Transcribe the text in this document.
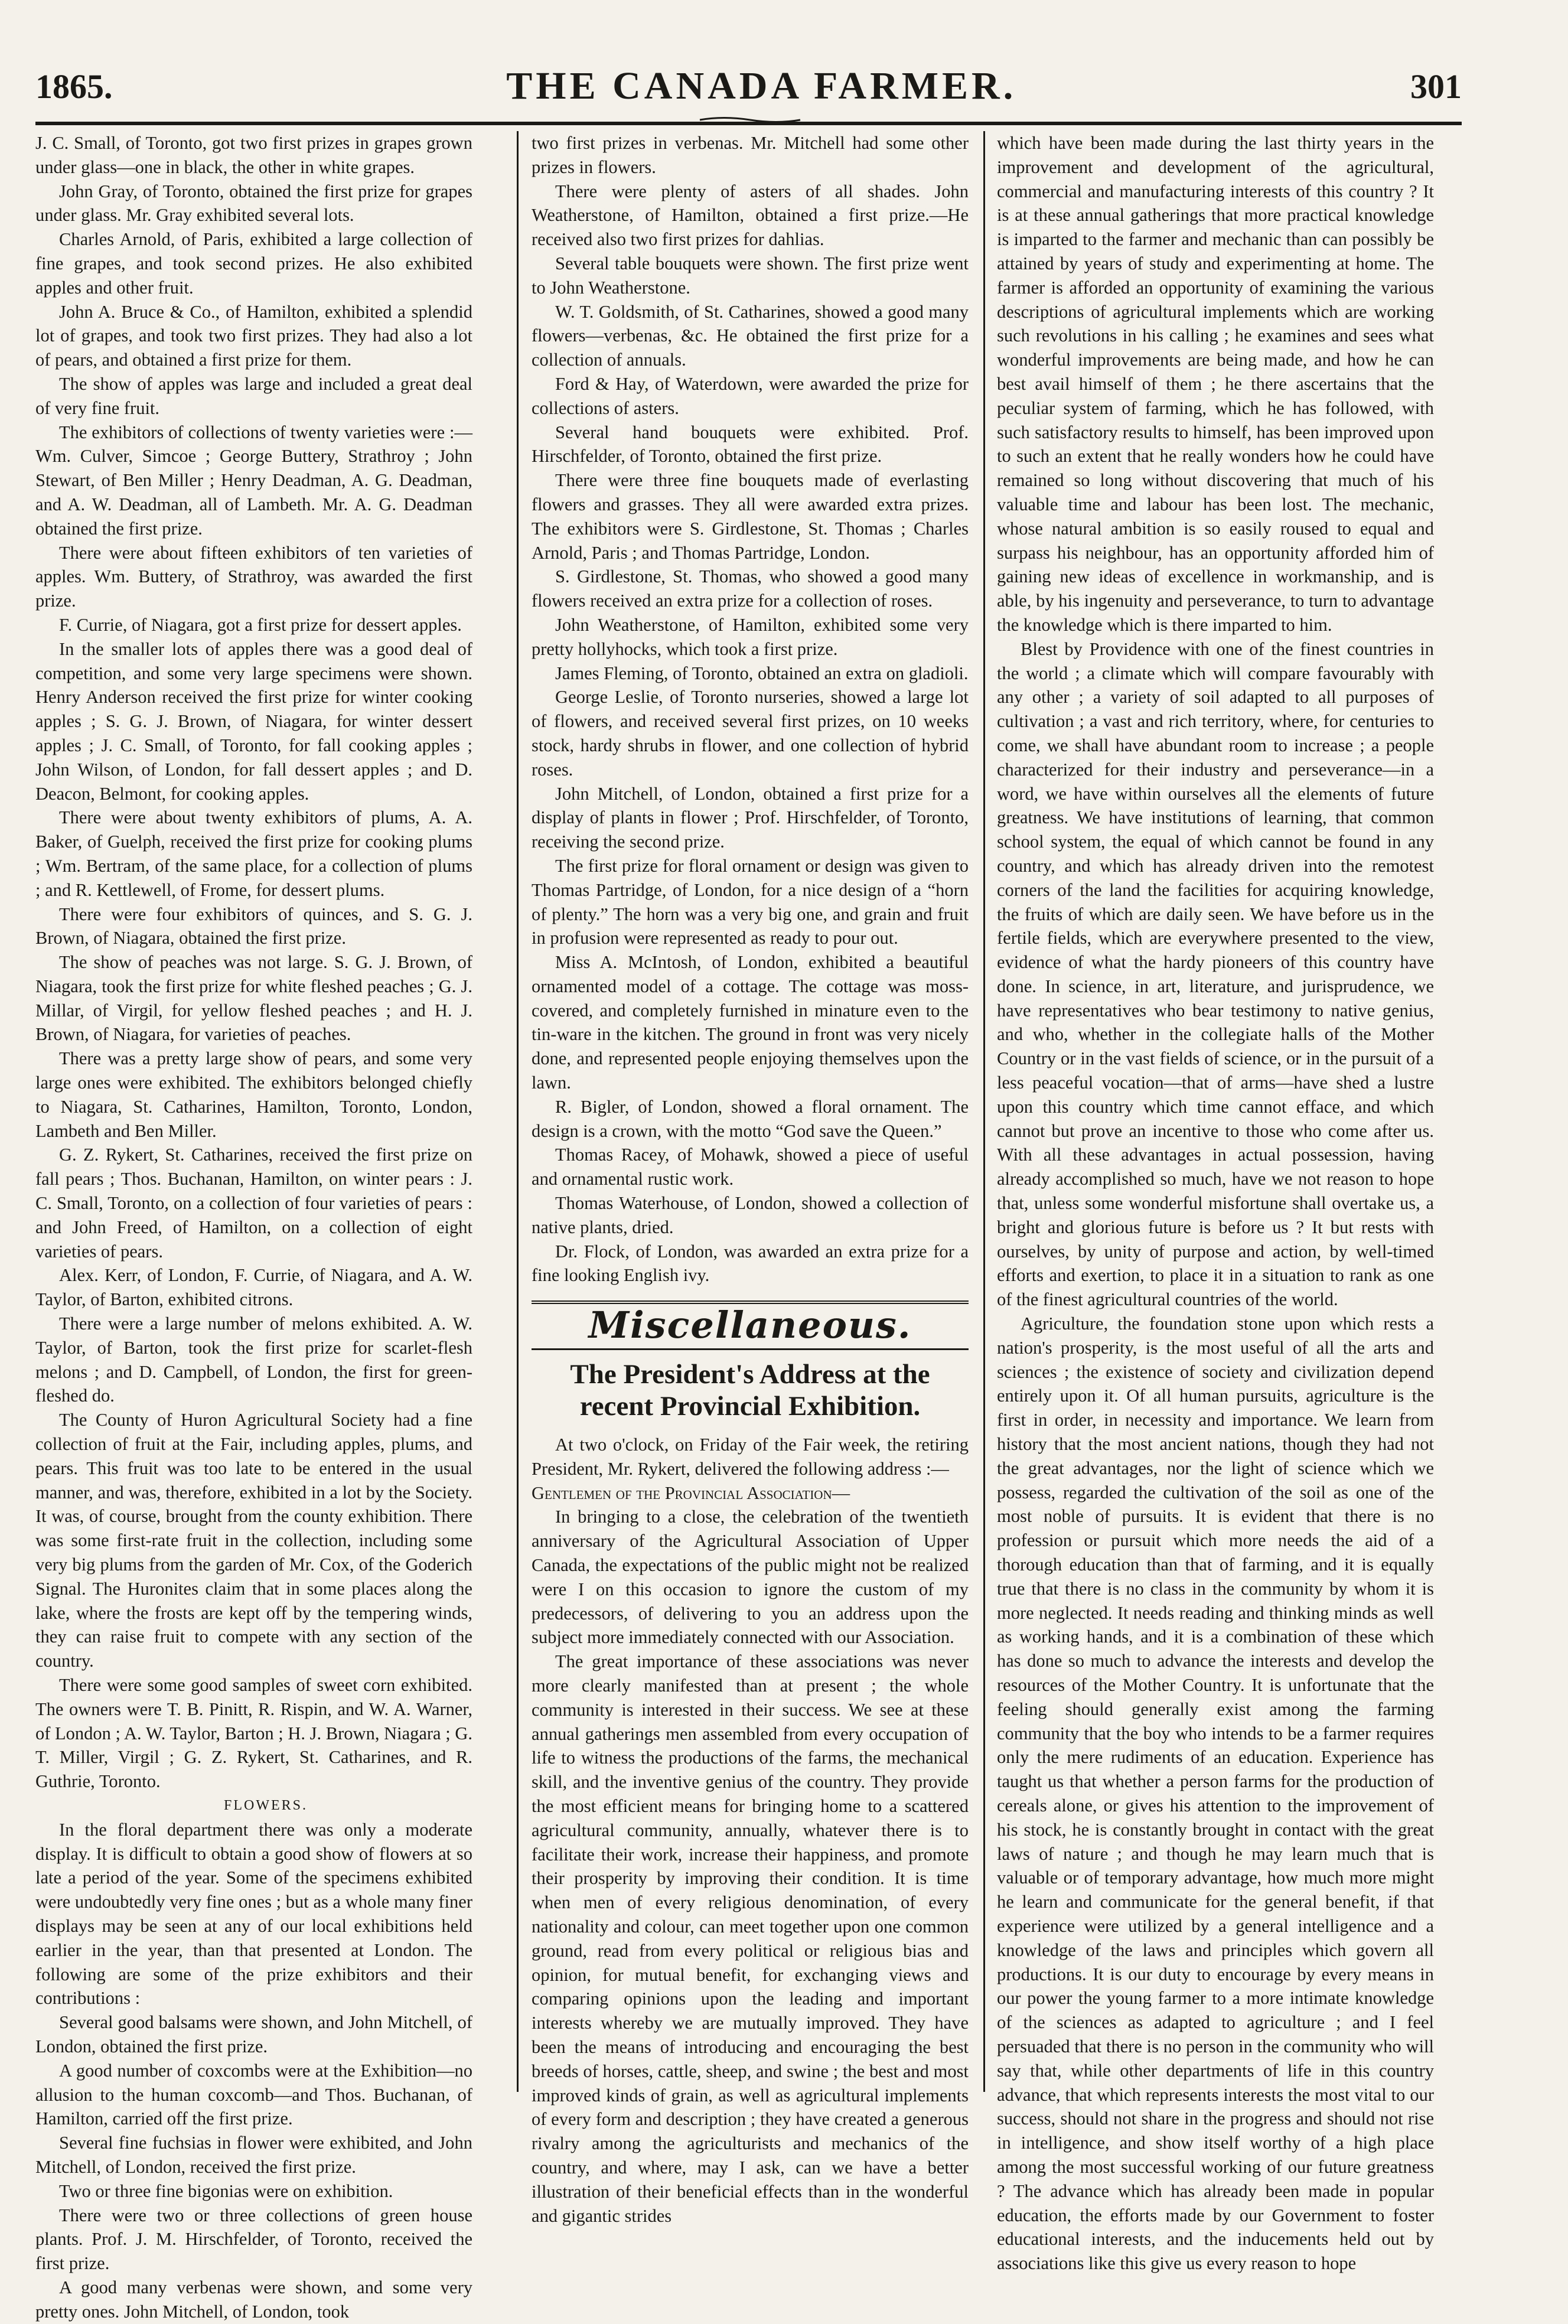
1865.	THE CANADA FARMER.	301

J. C. Small, of Toronto, got two first prizes in grapes grown under glass—one in black, the other in white grapes.

John Gray, of Toronto, obtained the first prize for grapes under glass. Mr. Gray exhibited several lots.

Charles Arnold, of Paris, exhibited a large collection of fine grapes, and took second prizes. He also exhibited apples and other fruit.

John A. Bruce & Co., of Hamilton, exhibited a splendid lot of grapes, and took two first prizes. They had also a lot of pears, and obtained a first prize for them.

The show of apples was large and included a great deal of very fine fruit.

The exhibitors of collections of twenty varieties were :—Wm. Culver, Simcoe ; George Buttery, Strathroy ; John Stewart, of Ben Miller ; Henry Deadman, A. G. Deadman, and A. W. Deadman, all of Lambeth. Mr. A. G. Deadman obtained the first prize.

There were about fifteen exhibitors of ten varieties of apples. Wm. Buttery, of Strathroy, was awarded the first prize.

F. Currie, of Niagara, got a first prize for dessert apples.

In the smaller lots of apples there was a good deal of competition, and some very large specimens were shown. Henry Anderson received the first prize for winter cooking apples ; S. G. J. Brown, of Niagara, for winter dessert apples ; J. C. Small, of Toronto, for fall cooking apples ; John Wilson, of London, for fall dessert apples ; and D. Deacon, Belmont, for cooking apples.

There were about twenty exhibitors of plums, A. A. Baker, of Guelph, received the first prize for cooking plums ; Wm. Bertram, of the same place, for a collection of plums ; and R. Kettlewell, of Frome, for dessert plums.

There were four exhibitors of quinces, and S. G. J. Brown, of Niagara, obtained the first prize.

The show of peaches was not large. S. G. J. Brown, of Niagara, took the first prize for white fleshed peaches ; G. J. Millar, of Virgil, for yellow fleshed peaches ; and H. J. Brown, of Niagara, for varieties of peaches.

There was a pretty large show of pears, and some very large ones were exhibited. The exhibitors belonged chiefly to Niagara, St. Catharines, Hamilton, Toronto, London, Lambeth and Ben Miller.

G. Z. Rykert, St. Catharines, received the first prize on fall pears ; Thos. Buchanan, Hamilton, on winter pears : J. C. Small, Toronto, on a collection of four varieties of pears : and John Freed, of Hamilton, on a collection of eight varieties of pears.

Alex. Kerr, of London, F. Currie, of Niagara, and A. W. Taylor, of Barton, exhibited citrons.

There were a large number of melons exhibited. A. W. Taylor, of Barton, took the first prize for scarlet-flesh melons ; and D. Campbell, of London, the first for green-fleshed do.

The County of Huron Agricultural Society had a fine collection of fruit at the Fair, including apples, plums, and pears. This fruit was too late to be entered in the usual manner, and was, therefore, exhibited in a lot by the Society. It was, of course, brought from the county exhibition. There was some first-rate fruit in the collection, including some very big plums from the garden of Mr. Cox, of the Goderich Signal. The Huronites claim that in some places along the lake, where the frosts are kept off by the tempering winds, they can raise fruit to compete with any section of the country.

There were some good samples of sweet corn exhibited. The owners were T. B. Pinitt, R. Rispin, and W. A. Warner, of London ; A. W. Taylor, Barton ; H. J. Brown, Niagara ; G. T. Miller, Virgil ; G. Z. Rykert, St. Catharines, and R. Guthrie, Toronto.

FLOWERS.

In the floral department there was only a moderate display. It is difficult to obtain a good show of flowers at so late a period of the year. Some of the specimens exhibited were undoubtedly very fine ones ; but as a whole many finer displays may be seen at any of our local exhibitions held earlier in the year, than that presented at London. The following are some of the prize exhibitors and their contributions :

Several good balsams were shown, and John Mitchell, of London, obtained the first prize.

A good number of coxcombs were at the Exhibition—no allusion to the human coxcomb—and Thos. Buchanan, of Hamilton, carried off the first prize.

Several fine fuchsias in flower were exhibited, and John Mitchell, of London, received the first prize.

Two or three fine bigonias were on exhibition.

There were two or three collections of green house plants. Prof. J. M. Hirschfelder, of Toronto, received the first prize.

A good many verbenas were shown, and some very pretty ones. John Mitchell, of London, took

two first prizes in verbenas. Mr. Mitchell had some other prizes in flowers.

There were plenty of asters of all shades. John Weatherstone, of Hamilton, obtained a first prize.—He received also two first prizes for dahlias.

Several table bouquets were shown. The first prize went to John Weatherstone.

W. T. Goldsmith, of St. Catharines, showed a good many flowers—verbenas, &c. He obtained the first prize for a collection of annuals.

Ford & Hay, of Waterdown, were awarded the prize for collections of asters.

Several hand bouquets were exhibited. Prof. Hirschfelder, of Toronto, obtained the first prize.

There were three fine bouquets made of everlasting flowers and grasses. They all were awarded extra prizes. The exhibitors were S. Girdlestone, St. Thomas ; Charles Arnold, Paris ; and Thomas Partridge, London.

S. Girdlestone, St. Thomas, who showed a good many flowers received an extra prize for a collection of roses.

John Weatherstone, of Hamilton, exhibited some very pretty hollyhocks, which took a first prize.

James Fleming, of Toronto, obtained an extra on gladioli.

George Leslie, of Toronto nurseries, showed a large lot of flowers, and received several first prizes, on 10 weeks stock, hardy shrubs in flower, and one collection of hybrid roses.

John Mitchell, of London, obtained a first prize for a display of plants in flower ; Prof. Hirschfelder, of Toronto, receiving the second prize.

The first prize for floral ornament or design was given to Thomas Partridge, of London, for a nice design of a “horn of plenty.” The horn was a very big one, and grain and fruit in profusion were represented as ready to pour out.

Miss A. McIntosh, of London, exhibited a beautiful ornamented model of a cottage. The cottage was moss-covered, and completely furnished in minature even to the tin-ware in the kitchen. The ground in front was very nicely done, and represented people enjoying themselves upon the lawn.

R. Bigler, of London, showed a floral ornament. The design is a crown, with the motto “God save the Queen.”

Thomas Racey, of Mohawk, showed a piece of useful and ornamental rustic work.

Thomas Waterhouse, of London, showed a collection of native plants, dried.

Dr. Flock, of London, was awarded an extra prize for a fine looking English ivy.

Miscellaneous.
The President's Address at the recent Provincial Exhibition.

At two o'clock, on Friday of the Fair week, the retiring President, Mr. Rykert, delivered the following address :—

Gentlemen of the Provincial Association—

In bringing to a close, the celebration of the twentieth anniversary of the Agricultural Association of Upper Canada, the expectations of the public might not be realized were I on this occasion to ignore the custom of my predecessors, of delivering to you an address upon the subject more immediately connected with our Association.

The great importance of these associations was never more clearly manifested than at present ; the whole community is interested in their success. We see at these annual gatherings men assembled from every occupation of life to witness the productions of the farms, the mechanical skill, and the inventive genius of the country. They provide the most efficient means for bringing home to a scattered agricultural community, annually, whatever there is to facilitate their work, increase their happiness, and promote their prosperity by improving their condition. It is time when men of every religious denomination, of every nationality and colour, can meet together upon one common ground, read from every political or religious bias and opinion, for mutual benefit, for exchanging views and comparing opinions upon the leading and important interests whereby we are mutually improved. They have been the means of introducing and encouraging the best breeds of horses, cattle, sheep, and swine ; the best and most improved kinds of grain, as well as agricultural implements of every form and description ; they have created a generous rivalry among the agriculturists and mechanics of the country, and where, may I ask, can we have a better illustration of their beneficial effects than in the wonderful and gigantic strides

which have been made during the last thirty years in the improvement and development of the agricultural, commercial and manufacturing interests of this country ? It is at these annual gatherings that more practical knowledge is imparted to the farmer and mechanic than can possibly be attained by years of study and experimenting at home. The farmer is afforded an opportunity of examining the various descriptions of agricultural implements which are working such revolutions in his calling ; he examines and sees what wonderful improvements are being made, and how he can best avail himself of them ; he there ascertains that the peculiar system of farming, which he has followed, with such satisfactory results to himself, has been improved upon to such an extent that he really wonders how he could have remained so long without discovering that much of his valuable time and labour has been lost. The mechanic, whose natural ambition is so easily roused to equal and surpass his neighbour, has an opportunity afforded him of gaining new ideas of excellence in workmanship, and is able, by his ingenuity and perseverance, to turn to advantage the knowledge which is there imparted to him.

Blest by Providence with one of the finest countries in the world ; a climate which will compare favourably with any other ; a variety of soil adapted to all purposes of cultivation ; a vast and rich territory, where, for centuries to come, we shall have abundant room to increase ; a people characterized for their industry and perseverance—in a word, we have within ourselves all the elements of future greatness. We have institutions of learning, that common school system, the equal of which cannot be found in any country, and which has already driven into the remotest corners of the land the facilities for acquiring knowledge, the fruits of which are daily seen. We have before us in the fertile fields, which are everywhere presented to the view, evidence of what the hardy pioneers of this country have done. In science, in art, literature, and jurisprudence, we have representatives who bear testimony to native genius, and who, whether in the collegiate halls of the Mother Country or in the vast fields of science, or in the pursuit of a less peaceful vocation—that of arms—have shed a lustre upon this country which time cannot efface, and which cannot but prove an incentive to those who come after us. With all these advantages in actual possession, having already accomplished so much, have we not reason to hope that, unless some wonderful misfortune shall overtake us, a bright and glorious future is before us ? It but rests with ourselves, by unity of purpose and action, by well-timed efforts and exertion, to place it in a situation to rank as one of the finest agricultural countries of the world.

Agriculture, the foundation stone upon which rests a nation's prosperity, is the most useful of all the arts and sciences ; the existence of society and civilization depend entirely upon it. Of all human pursuits, agriculture is the first in order, in necessity and importance. We learn from history that the most ancient nations, though they had not the great advantages, nor the light of science which we possess, regarded the cultivation of the soil as one of the most noble of pursuits. It is evident that there is no profession or pursuit which more needs the aid of a thorough education than that of farming, and it is equally true that there is no class in the community by whom it is more neglected. It needs reading and thinking minds as well as working hands, and it is a combination of these which has done so much to advance the interests and develop the resources of the Mother Country. It is unfortunate that the feeling should generally exist among the farming community that the boy who intends to be a farmer requires only the mere rudiments of an education. Experience has taught us that whether a person farms for the production of cereals alone, or gives his attention to the improvement of his stock, he is constantly brought in contact with the great laws of nature ; and though he may learn much that is valuable or of temporary advantage, how much more might he learn and communicate for the general benefit, if that experience were utilized by a general intelligence and a knowledge of the laws and principles which govern all productions. It is our duty to encourage by every means in our power the young farmer to a more intimate knowledge of the sciences as adapted to agriculture ; and I feel persuaded that there is no person in the community who will say that, while other departments of life in this country advance, that which represents interests the most vital to our success, should not share in the progress and should not rise in intelligence, and show itself worthy of a high place among the most successful working of our future greatness ? The advance which has already been made in popular education, the efforts made by our Government to foster educational interests, and the inducements held out by associations like this give us every reason to hope
